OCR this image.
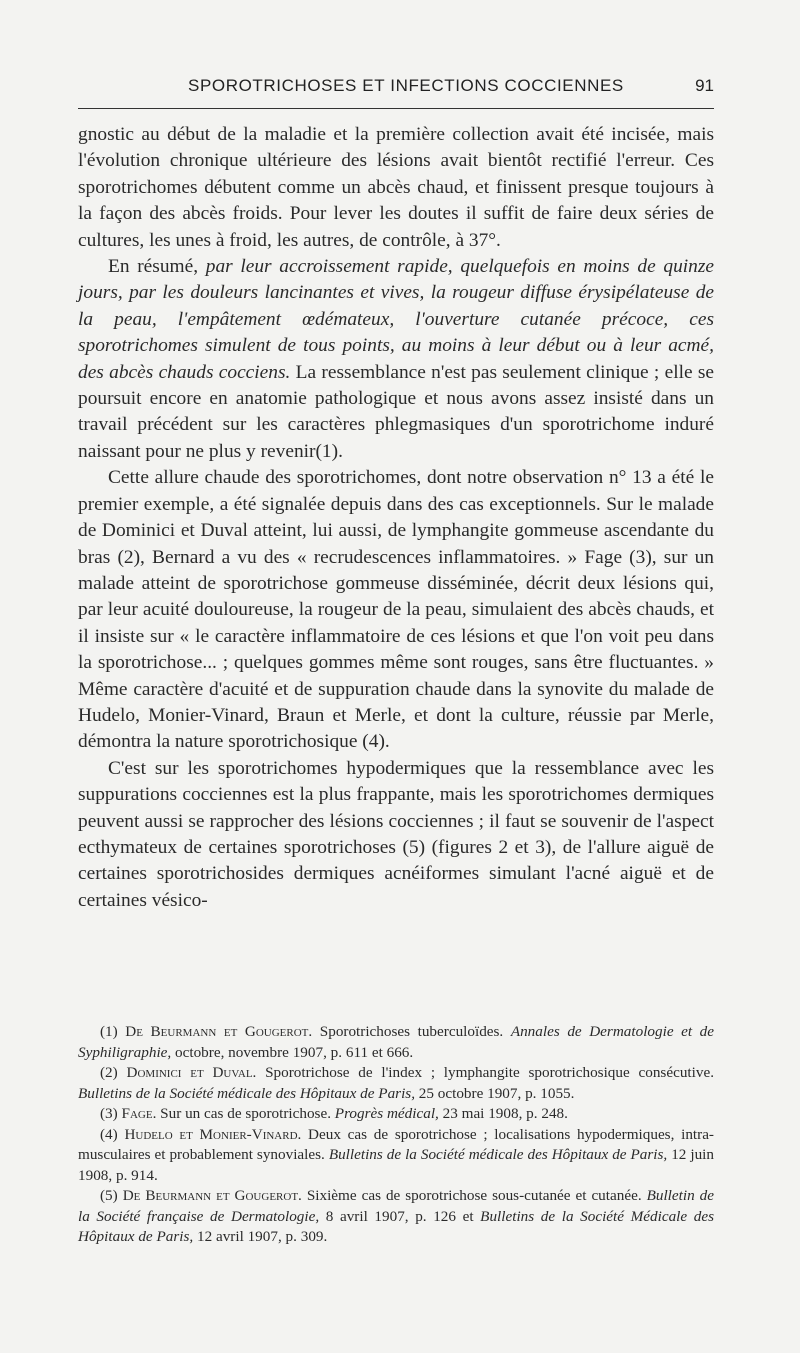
SPOROTRICHOSES ET INFECTIONS COCCIENNES	91

gnostic au début de la maladie et la première collection avait été incisée, mais l'évolution chronique ultérieure des lésions avait bientôt rectifié l'erreur. Ces sporotrichomes débutent comme un abcès chaud, et finissent presque toujours à la façon des abcès froids. Pour lever les doutes il suffit de faire deux séries de cultures, les unes à froid, les autres, de contrôle, à 37°.

En résumé, par leur accroissement rapide, quelquefois en moins de quinze jours, par les douleurs lancinantes et vives, la rougeur diffuse érysipélateuse de la peau, l'empâtement œdémateux, l'ouverture cutanée précoce, ces sporotrichomes simulent de tous points, au moins à leur début ou à leur acmé, des abcès chauds cocciens. La ressemblance n'est pas seulement clinique ; elle se poursuit encore en anatomie pathologique et nous avons assez insisté dans un travail précédent sur les caractères phlegmasiques d'un sporotrichome induré naissant pour ne plus y revenir(1).

Cette allure chaude des sporotrichomes, dont notre observation n° 13 a été le premier exemple, a été signalée depuis dans des cas exceptionnels. Sur le malade de Dominici et Duval atteint, lui aussi, de lymphangite gommeuse ascendante du bras (2), Bernard a vu des « recrudescences inflammatoires. » Fage (3), sur un malade atteint de sporotrichose gommeuse disséminée, décrit deux lésions qui, par leur acuité douloureuse, la rougeur de la peau, simulaient des abcès chauds, et il insiste sur « le caractère inflammatoire de ces lésions et que l'on voit peu dans la sporotrichose... ; quelques gommes même sont rouges, sans être fluctuantes. » Même caractère d'acuité et de suppuration chaude dans la synovite du malade de Hudelo, Monier-Vinard, Braun et Merle, et dont la culture, réussie par Merle, démontra la nature sporotrichosique (4).

C'est sur les sporotrichomes hypodermiques que la ressemblance avec les suppurations cocciennes est la plus frappante, mais les sporotrichomes dermiques peuvent aussi se rapprocher des lésions cocciennes ; il faut se souvenir de l'aspect ecthymateux de certaines sporotrichoses (5) (figures 2 et 3), de l'allure aiguë de certaines sporotrichosides dermiques acnéiformes simulant l'acné aiguë et de certaines vésico-

(1) De Beurmann et Gougerot. Sporotrichoses tuberculoïdes. Annales de Dermatologie et de Syphiligraphie, octobre, novembre 1907, p. 611 et 666.

(2) Dominici et Duval. Sporotrichose de l'index ; lymphangite sporotrichosique consécutive. Bulletins de la Société médicale des Hôpitaux de Paris, 25 octobre 1907, p. 1055.

(3) Fage. Sur un cas de sporotrichose. Progrès médical, 23 mai 1908, p. 248.

(4) Hudelo et Monier-Vinard. Deux cas de sporotrichose ; localisations hypodermiques, intra-musculaires et probablement synoviales. Bulletins de la Société médicale des Hôpitaux de Paris, 12 juin 1908, p. 914.

(5) De Beurmann et Gougerot. Sixième cas de sporotrichose sous-cutanée et cutanée. Bulletin de la Société française de Dermatologie, 8 avril 1907, p. 126 et Bulletins de la Société Médicale des Hôpitaux de Paris, 12 avril 1907, p. 309.
